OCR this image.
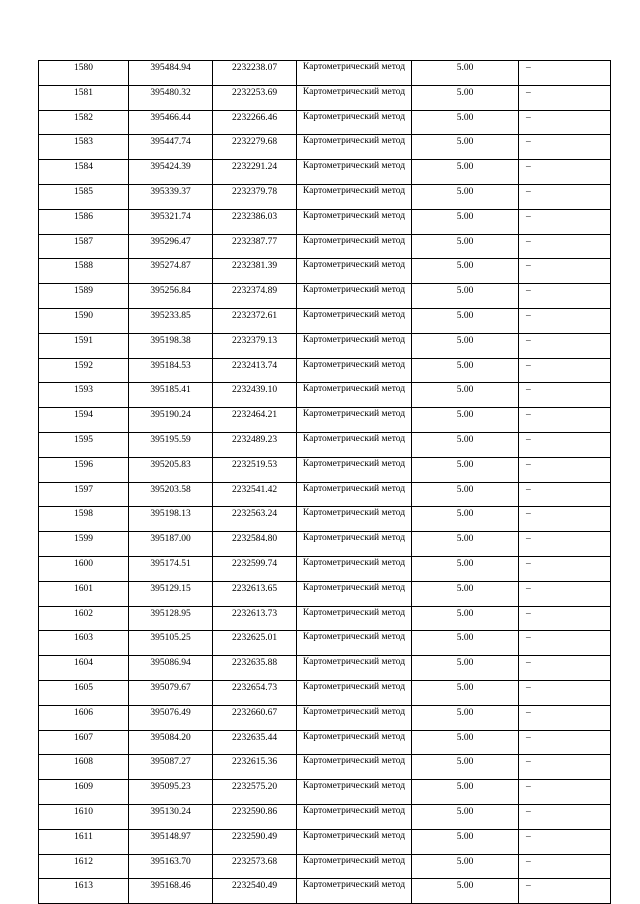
1580	395484.94	2232238.07	Картометрический метод	5.00	–
1581	395480.32	2232253.69	Картометрический метод	5.00	–
1582	395466.44	2232266.46	Картометрический метод	5.00	–
1583	395447.74	2232279.68	Картометрический метод	5.00	–
1584	395424.39	2232291.24	Картометрический метод	5.00	–
1585	395339.37	2232379.78	Картометрический метод	5.00	–
1586	395321.74	2232386.03	Картометрический метод	5.00	–
1587	395296.47	2232387.77	Картометрический метод	5.00	–
1588	395274.87	2232381.39	Картометрический метод	5.00	–
1589	395256.84	2232374.89	Картометрический метод	5.00	–
1590	395233.85	2232372.61	Картометрический метод	5.00	–
1591	395198.38	2232379.13	Картометрический метод	5.00	–
1592	395184.53	2232413.74	Картометрический метод	5.00	–
1593	395185.41	2232439.10	Картометрический метод	5.00	–
1594	395190.24	2232464.21	Картометрический метод	5.00	–
1595	395195.59	2232489.23	Картометрический метод	5.00	–
1596	395205.83	2232519.53	Картометрический метод	5.00	–
1597	395203.58	2232541.42	Картометрический метод	5.00	–
1598	395198.13	2232563.24	Картометрический метод	5.00	–
1599	395187.00	2232584.80	Картометрический метод	5.00	–
1600	395174.51	2232599.74	Картометрический метод	5.00	–
1601	395129.15	2232613.65	Картометрический метод	5.00	–
1602	395128.95	2232613.73	Картометрический метод	5.00	–
1603	395105.25	2232625.01	Картометрический метод	5.00	–
1604	395086.94	2232635.88	Картометрический метод	5.00	–
1605	395079.67	2232654.73	Картометрический метод	5.00	–
1606	395076.49	2232660.67	Картометрический метод	5.00	–
1607	395084.20	2232635.44	Картометрический метод	5.00	–
1608	395087.27	2232615.36	Картометрический метод	5.00	–
1609	395095.23	2232575.20	Картометрический метод	5.00	–
1610	395130.24	2232590.86	Картометрический метод	5.00	–
1611	395148.97	2232590.49	Картометрический метод	5.00	–
1612	395163.70	2232573.68	Картометрический метод	5.00	–
1613	395168.46	2232540.49	Картометрический метод	5.00	–
